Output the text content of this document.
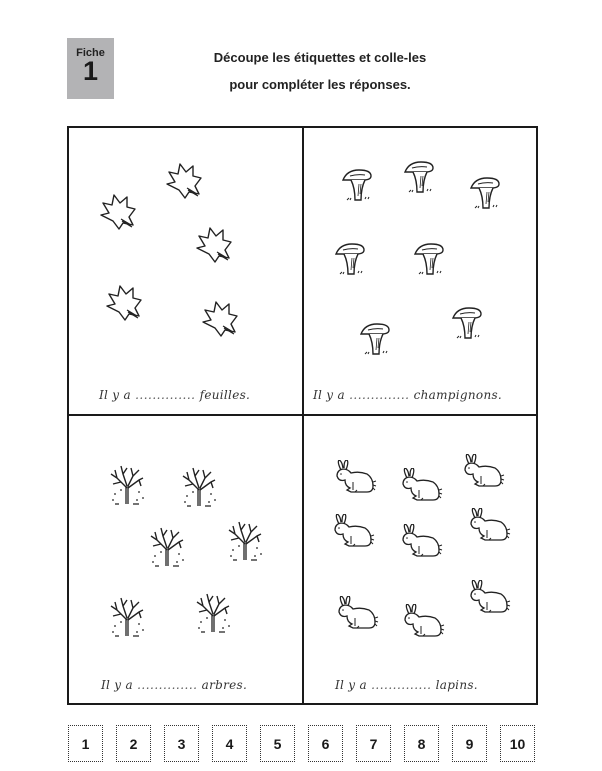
Fiche
1	Découpe les étiquettes et colle-les
pour compléter les réponses.
Il y a .............. feuilles.	Il y a .............. champignons.
Il y a .............. arbres.	Il y a .............. lapins.
1	2	3	4	5	6	7	8	9	10
